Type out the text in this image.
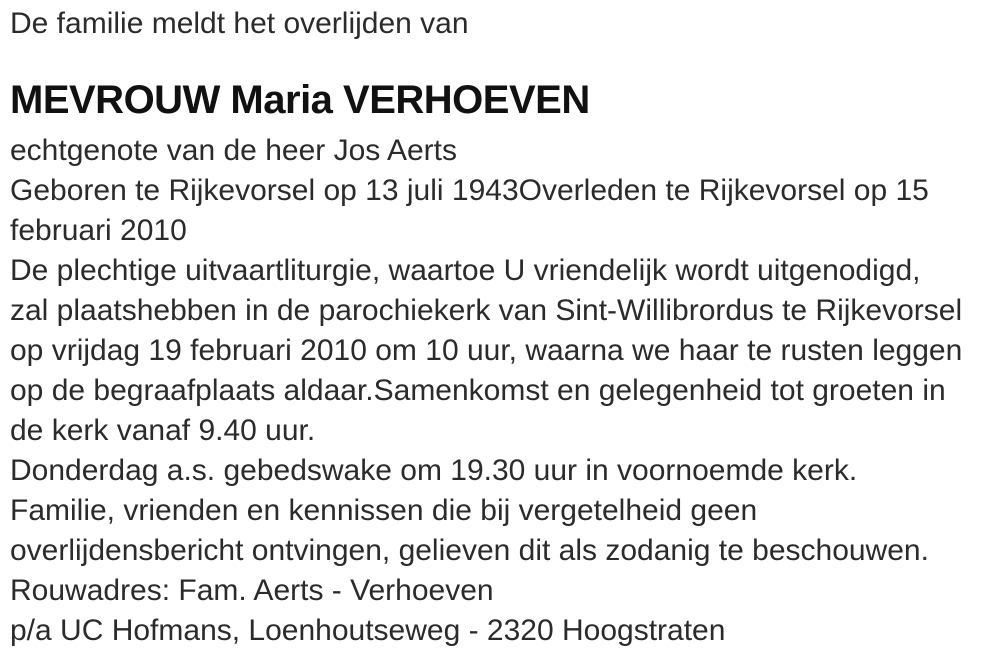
De familie meldt het overlijden van
MEVROUW Maria VERHOEVEN
echtgenote van de heer Jos Aerts
Geboren te Rijkevorsel op 13 juli 1943Overleden te Rijkevorsel op 15
februari 2010
De plechtige uitvaartliturgie, waartoe U vriendelijk wordt uitgenodigd,
zal plaatshebben in de parochiekerk van Sint-Willibrordus te Rijkevorsel
op vrijdag 19 februari 2010 om 10 uur, waarna we haar te rusten leggen
op de begraafplaats aldaar.Samenkomst en gelegenheid tot groeten in
de kerk vanaf 9.40 uur.
Donderdag a.s. gebedswake om 19.30 uur in voornoemde kerk.
Familie, vrienden en kennissen die bij vergetelheid geen
overlijdensbericht ontvingen, gelieven dit als zodanig te beschouwen.
Rouwadres: Fam. Aerts - Verhoeven
p/a UC Hofmans, Loenhoutseweg - 2320 Hoogstraten
